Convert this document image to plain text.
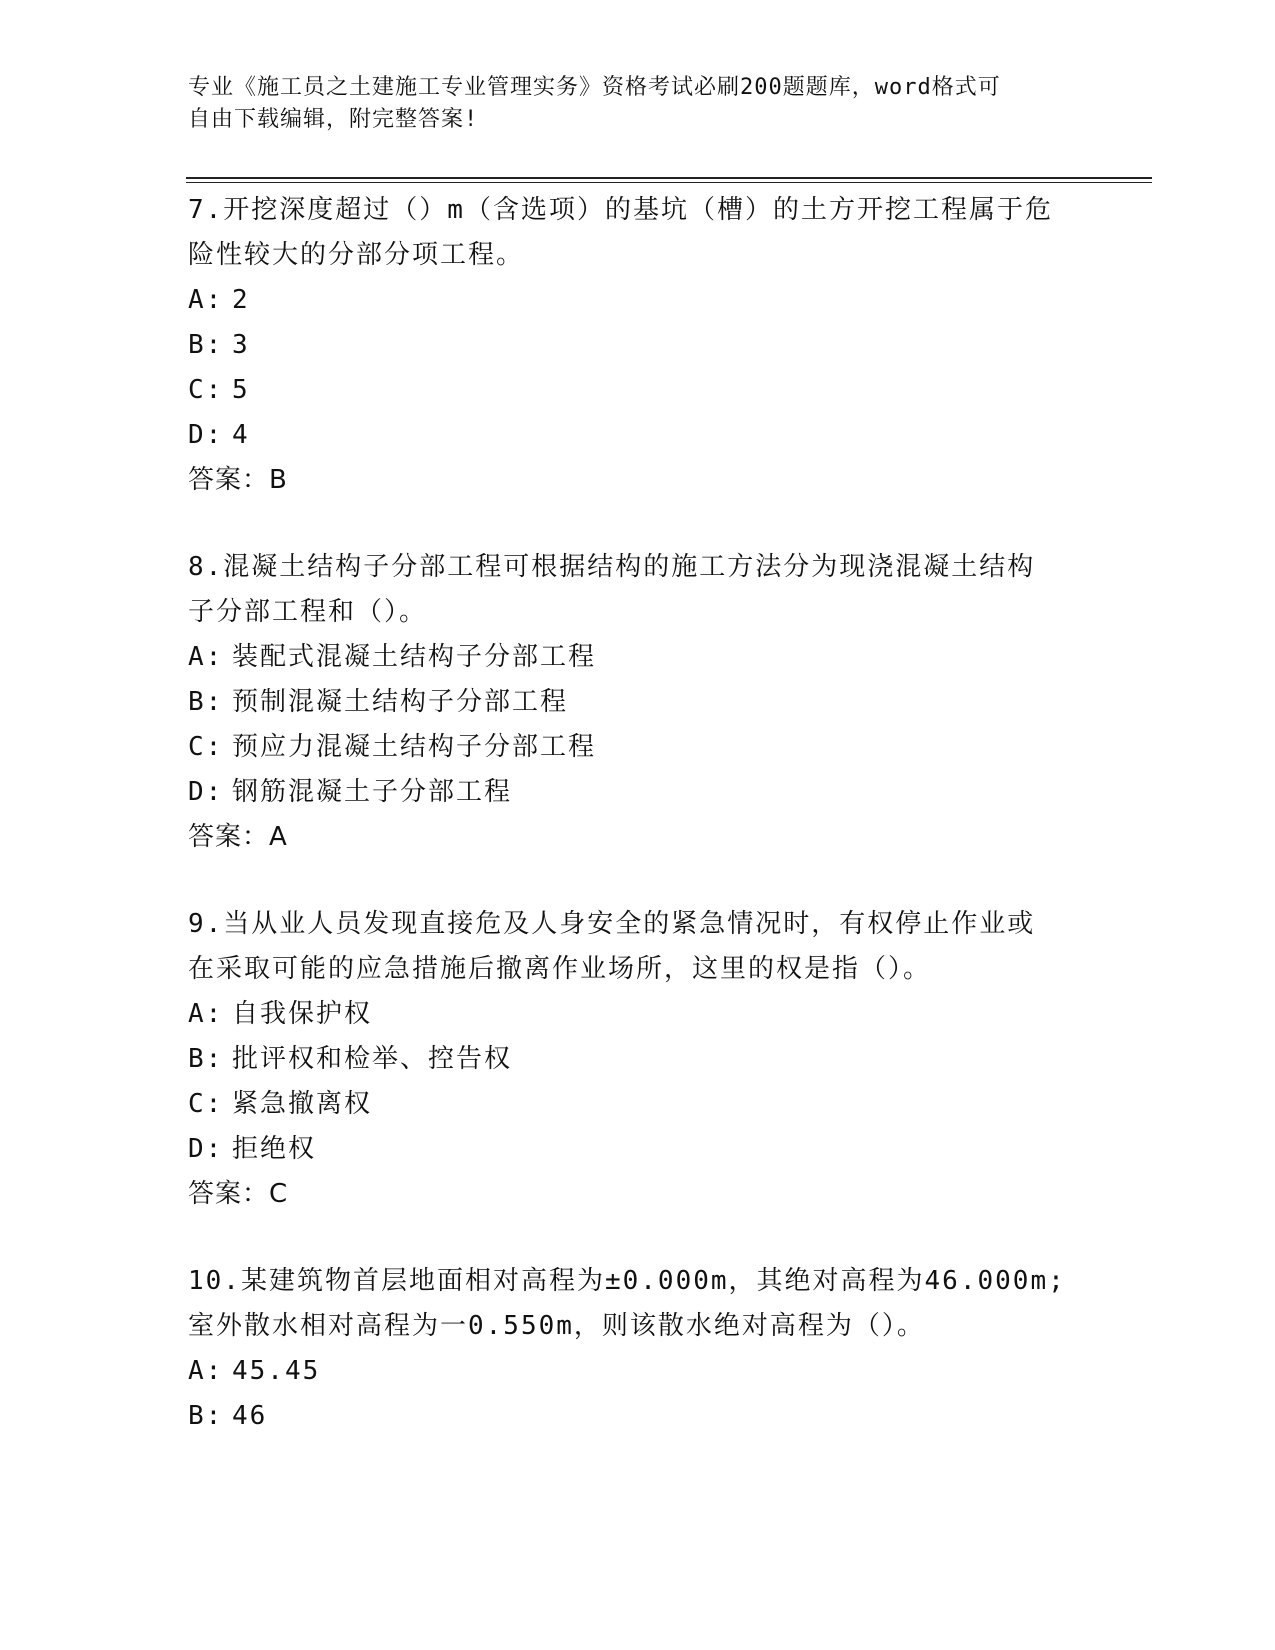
专业《施工员之土建施工专业管理实务》资格考试必刷200题题库，word格式可
自由下载编辑，附完整答案!
7.开挖深度超过（）m（含选项）的基坑（槽）的土方开挖工程属于危
险性较大的分部分项工程。
A: 2
B: 3
C: 5
D: 4
答案：B
8.混凝土结构子分部工程可根据结构的施工方法分为现浇混凝土结构
子分部工程和（）。
A: 装配式混凝土结构子分部工程
B: 预制混凝土结构子分部工程
C: 预应力混凝土结构子分部工程
D: 钢筋混凝土子分部工程
答案：A
9.当从业人员发现直接危及人身安全的紧急情况时，有权停止作业或
在采取可能的应急措施后撤离作业场所，这里的权是指（）。
A: 自我保护权
B: 批评权和检举、控告权
C: 紧急撤离权
D: 拒绝权
答案：C
10.某建筑物首层地面相对高程为±0.000m，其绝对高程为46.000m;
室外散水相对高程为一0.550m，则该散水绝对高程为（）。
A: 45.45
B: 46
